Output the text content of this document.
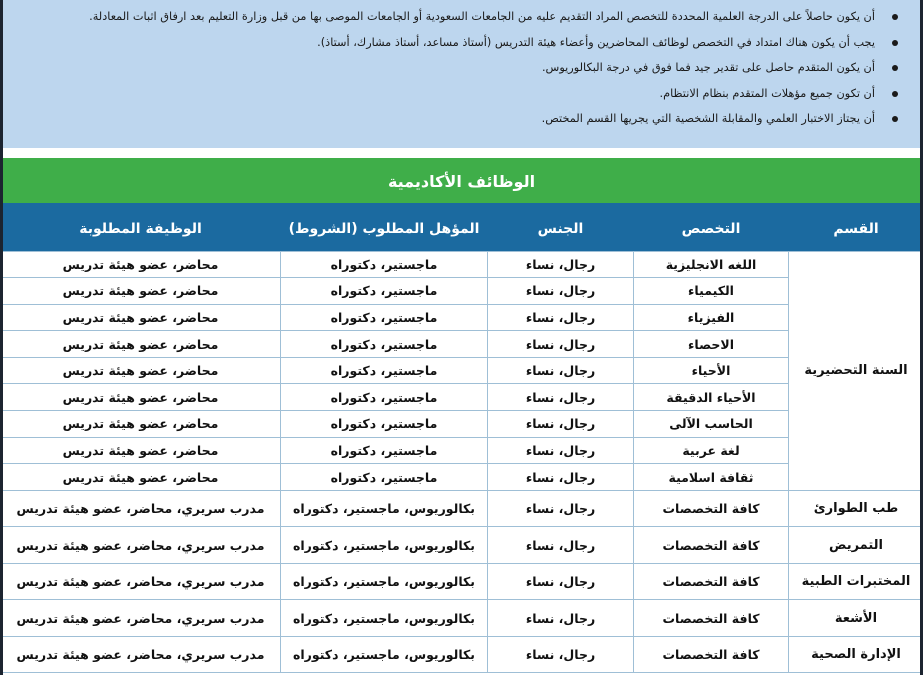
أن يكون حاصلاً على الدرجة العلمية المحددة للتخصص المراد التقديم عليه من الجامعات السعودية أو الجامعات الموصى بها من قبل وزارة التعليم بعد ارفاق اثبات المعادلة.
يجب أن يكون هناك امتداد في التخصص لوظائف المحاضرين وأعضاء هيئة التدريس (أستاذ مساعد، أستاذ مشارك، أستاذ).
أن يكون المتقدم حاصل على تقدير جيد فما فوق في درجة البكالوريوس.
أن تكون جميع مؤهلات المتقدم بنظام الانتظام.
أن يجتاز الاختبار العلمي والمقابلة الشخصية التي يجريها القسم المختص.
الوظائف الأكاديمية
القسم	التخصص	الجنس	المؤهل المطلوب (الشروط)	الوظيفة المطلوبة
السنة التحضيرية	اللغه الانجليزية	رجال، نساء	ماجستير، دكتوراه	محاضر، عضو هيئة تدريس
	الكيمياء	رجال، نساء	ماجستير، دكتوراه	محاضر، عضو هيئة تدريس
	الفيزياء	رجال، نساء	ماجستير، دكتوراه	محاضر، عضو هيئة تدريس
	الاحصاء	رجال، نساء	ماجستير، دكتوراه	محاضر، عضو هيئة تدريس
	الأحياء	رجال، نساء	ماجستير، دكتوراه	محاضر، عضو هيئة تدريس
	الأحياء الدقيقة	رجال، نساء	ماجستير، دكتوراه	محاضر، عضو هيئة تدريس
	الحاسب الآلى	رجال، نساء	ماجستير، دكتوراه	محاضر، عضو هيئة تدريس
	لغة عربية	رجال، نساء	ماجستير، دكتوراه	محاضر، عضو هيئة تدريس
	ثقافة اسلامية	رجال، نساء	ماجستير، دكتوراه	محاضر، عضو هيئة تدريس
طب الطوارئ	كافة التخصصات	رجال، نساء	بكالوريوس، ماجستير، دكتوراه	مدرب سريري، محاضر، عضو هيئة تدريس
التمريض	كافة التخصصات	رجال، نساء	بكالوريوس، ماجستير، دكتوراه	مدرب سريري، محاضر، عضو هيئة تدريس
المختبرات الطبية	كافة التخصصات	رجال، نساء	بكالوريوس، ماجستير، دكتوراه	مدرب سريري، محاضر، عضو هيئة تدريس
الأشعة	كافة التخصصات	رجال، نساء	بكالوريوس، ماجستير، دكتوراه	مدرب سريري، محاضر، عضو هيئة تدريس
الإدارة الصحية	كافة التخصصات	رجال، نساء	بكالوريوس، ماجستير، دكتوراه	مدرب سريري، محاضر، عضو هيئة تدريس
